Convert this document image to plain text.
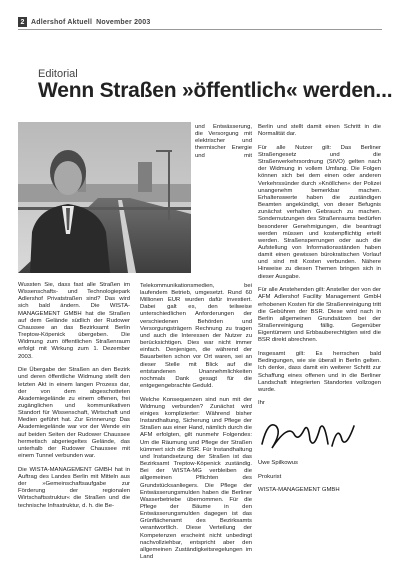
2 Adlershof Aktuell November 2003
Editorial
Wenn Straßen »öffentlich« werden...

Wussten Sie, dass fast alle Straßen im Wissenschafts- und Technologiepark Adlershof Privatstraßen sind? Das wird sich bald ändern. Die WISTA-MANAGEMENT GMBH hat die Straßen auf dem Gelände südlich der Rudower Chaussee an das Bezirksamt Berlin Treptow-Köpenick übergeben. Die Widmung zum öffentlichen Straßenraum erfolgt mit Wirkung zum 1. Dezember 2003.

Die Übergabe der Straßen an den Bezirk und deren öffentliche Widmung stellt den letzten Akt in einem langen Prozess dar, der von dem abgeschotteten Akademiegelände zu einem offenen, frei zugänglichen und kommunikativen Standort für Wissenschaft, Wirtschaft und Medien geführt hat. Zur Erinnerung: Das Akademiegelände war vor der Wende ein auf beiden Seiten der Rudower Chaussee hermetisch abgeriegeltes Gelände, das unterhalb der Rudower Chaussee mit einem Tunnel verbunden war.

Die WISTA-MANAGEMENT GMBH hat in Auftrag des Landes Berlin mit Mitteln aus der »Gemeinschaftsaufgabe zur Förderung der regionalen Wirtschaftsstruktur« die Straßen und die technische Infrastruktur, d. h. die Be-

und Entwässerung, die Versorgung mit elektrischer und thermischer Energie und mit Telekommunikationsmedien, bei laufendem Betrieb, umgesetzt. Rund 60 Millionen EUR wurden dafür investiert. Dabei galt es, den teilweise unterschiedlichen Anforderungen der verschiedenen Behörden und Versorgungsträgern Rechnung zu tragen und auch die Interessen der Nutzer zu berücksichtigen. Dies war nicht immer einfach. Denjenigen, die während der Bauarbeiten schon vor Ort waren, sei an dieser Stelle mit Blick auf die entstandenen Unannehmlichkeiten nochmals Dank gesagt für die entgegengebrachte Geduld.

Welche Konsequenzen sind nun mit der Widmung verbunden? Zunächst wird einiges komplizierter: Während bisher Instandhaltung, Sicherung und Pflege der Straßen aus einer Hand, nämlich durch die AFM erfolgten, gilt nunmehr Folgendes: Um die Räumung und Pflege der Straßen kümmert sich die BSR. Für Instandhaltung und Instandsetzung der Straßen ist das Bezirksamt Treptow-Köpenick zuständig. Bei der WISTA-MG verbleiben die allgemeinen Pflichten des Grundstücksanliegers. Die Pflege der Entwässerungsmulden haben die Berliner Wasserbetriebe übernommen. Für die Pflege der Bäume in den Entwässerungsmulden dagegen ist das Grünflächenamt des Bezirksamts verantwortlich. Diese Verteilung der Kompetenzen erscheint nicht unbedingt nachvollziehbar, entspricht aber den allgemeinen Zuständigkeitsregelungen im Land

Berlin und stellt damit einen Schritt in die Normalität dar.

Für alle Nutzer gilt: Das Berliner Straßengesetz und die Straßenverkehrsordnung (StVO) gelten nach der Widmung in vollem Umfang. Die Folgen können sich bei dem einen oder anderen Verkehrssünder durch »Knöllchen« der Polizei unangenehm bemerkbar machen. Erhaltenswerte haben die zuständigen Beamten angekündigt, von dieser Befugnis zunächst verhalten Gebrauch zu machen. Sondernutzungen des Straßenraums bedürfen besonderer Genehmigungen, die beantragt werden müssen und kostenpflichtig erteilt werden. Straßensperrungen oder auch die Aufstellung von Informationsständen haben damit einen gewissen bürokratischen Vorlauf und sind mit Kosten verbunden. Nähere Hinweise zu diesen Themen bringen sich in dieser Ausgabe.

Für alle Anstehenden gilt: Ansteller der von der AFM Adlershof Facility Management GmbH erhobenen Kosten für die Straßenreinigung tritt die Gebühren der BSR. Diese wird nach in Berlin allgemeinen Grundsätzen bei der Straßenreinigung fällig. Gegenüber Eigentümern und Erbbauberechtigten wird die BSR direkt abrechnen.

Insgesamt gilt: Es herrschen bald Bedingungen, wie sie überall in Berlin gelten. Ich denke, dass damit ein weiterer Schritt zur Schaffung eines offenen und in die Berliner Landschaft integrierten Standortes vollzogen wurde.

Ihr

Uwe Spilkowus

Prokurist

WISTA-MANAGEMENT GMBH
